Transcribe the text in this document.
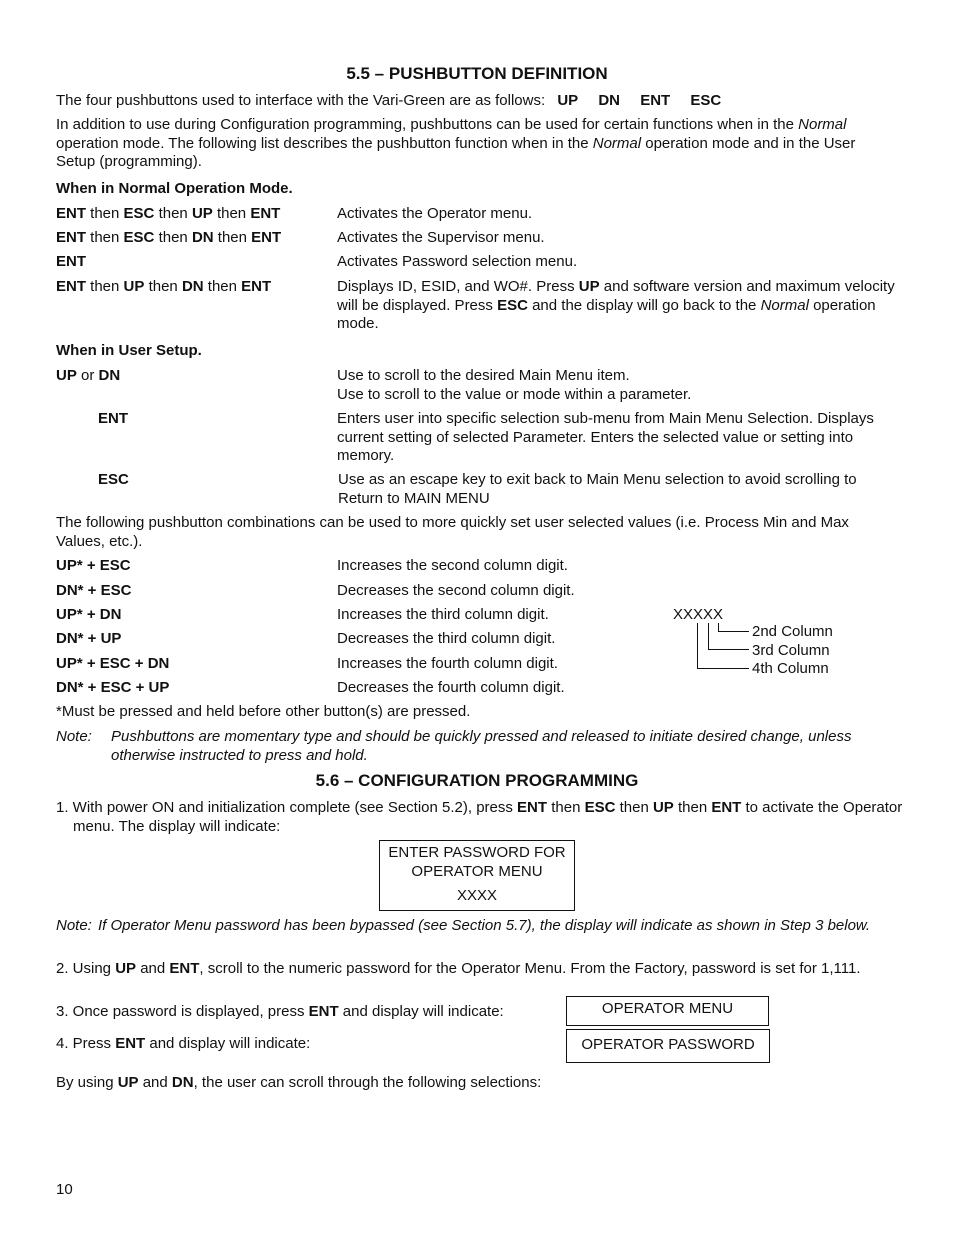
5.5 – PUSHBUTTON DEFINITION
The four pushbuttons used to interface with the Vari-Green are as follows: UP DN ENT ESC
In addition to use during Configuration programming, pushbuttons can be used for certain functions when in the Normal operation mode. The following list describes the pushbutton function when in the Normal operation mode and in the User Setup (programming).
When in Normal Operation Mode.
ENT then ESC then UP then ENT	Activates the Operator menu.
ENT then ESC then DN then ENT	Activates the Supervisor menu.
ENT	Activates Password selection menu.
ENT then UP then DN then ENT	Displays ID, ESID, and WO#. Press UP and software version and maximum velocity will be displayed. Press ESC and the display will go back to the Normal operation mode.
When in User Setup.
UP or DN	Use to scroll to the desired Main Menu item.
Use to scroll to the value or mode within a parameter.
ENT	Enters user into specific selection sub-menu from Main Menu Selection. Displays current setting of selected Parameter. Enters the selected value or setting into memory.
ESC	Use as an escape key to exit back to Main Menu selection to avoid scrolling to Return to MAIN MENU
The following pushbutton combinations can be used to more quickly set user selected values (i.e. Process Min and Max Values, etc.).
UP* + ESC	Increases the second column digit.
DN* + ESC	Decreases the second column digit.
UP* + DN	Increases the third column digit.
DN* + UP	Decreases the third column digit.
UP* + ESC + DN	Increases the fourth column digit.
DN* + ESC + UP	Decreases the fourth column digit.
XXXXX
2nd Column
3rd Column
4th Column
*Must be pressed and held before other button(s) are pressed.
Note: Pushbuttons are momentary type and should be quickly pressed and released to initiate desired change, unless otherwise instructed to press and hold.
5.6 – CONFIGURATION PROGRAMMING
1. With power ON and initialization complete (see Section 5.2), press ENT then ESC then UP then ENT to activate the Operator menu. The display will indicate:
ENTER PASSWORD FOR
OPERATOR MENU
XXXX
Note: If Operator Menu password has been bypassed (see Section 5.7), the display will indicate as shown in Step 3 below.
2. Using UP and ENT, scroll to the numeric password for the Operator Menu. From the Factory, password is set for 1,111.
3. Once password is displayed, press ENT and display will indicate:	OPERATOR MENU
4. Press ENT and display will indicate:	OPERATOR PASSWORD
By using UP and DN, the user can scroll through the following selections:
10
